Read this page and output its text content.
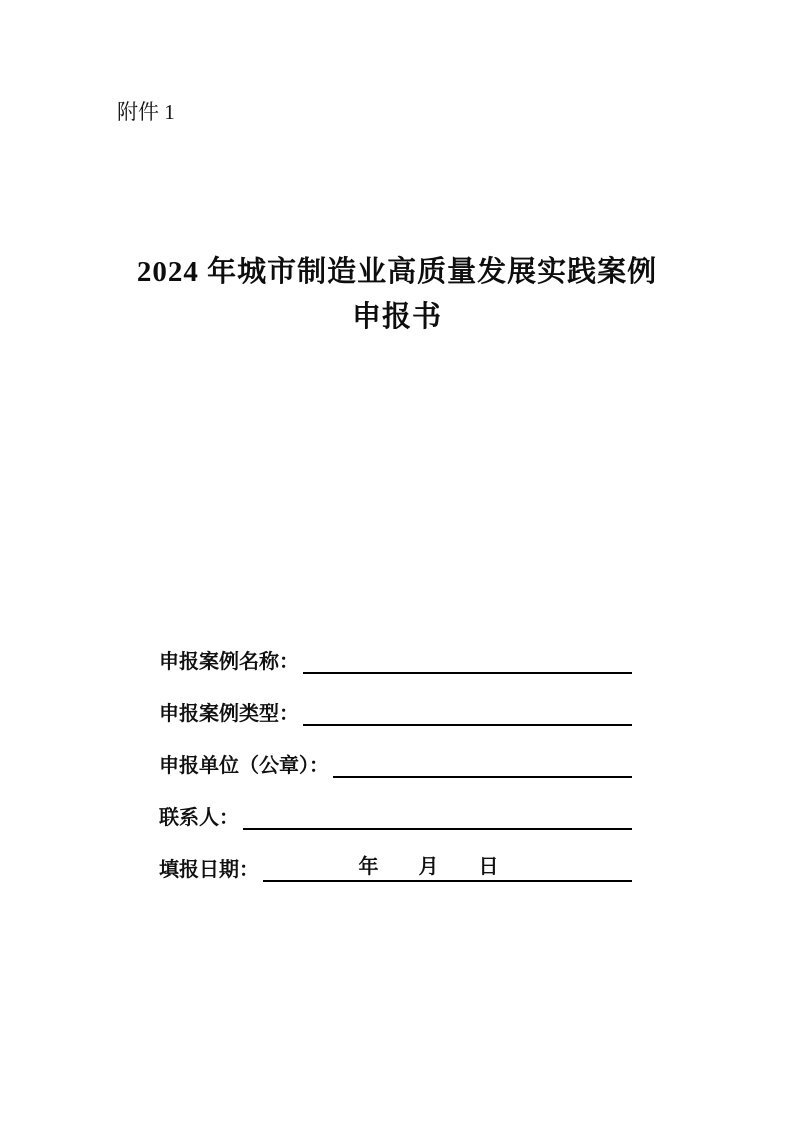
附件 1
2024 年城市制造业高质量发展实践案例
申报书
申报案例名称：
申报案例类型：
申报单位（公章）：
联系人：
填报日期：	年 月 日
